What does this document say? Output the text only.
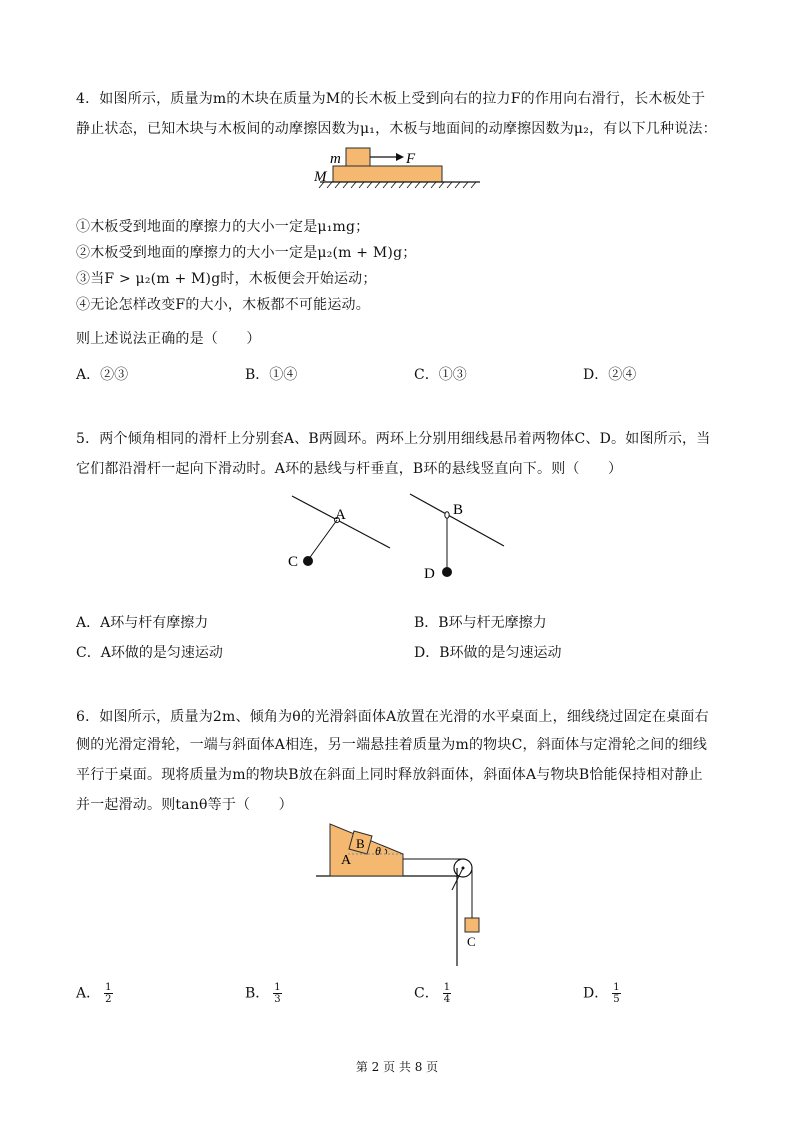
4．如图所示，质量为m的木块在质量为M的长木板上受到向右的拉力F的作用向右滑行，长木板处于
静止状态，已知木块与木板间的动摩擦因数为μ₁，木板与地面间的动摩擦因数为μ₂，有以下几种说法：
m
M
F
①木板受到地面的摩擦力的大小一定是μ₁mg；
②木板受到地面的摩擦力的大小一定是μ₂(m + M)g；
③当F > μ₂(m + M)g时，木板便会开始运动；
④无论怎样改变F的大小，木板都不可能运动。
则上述说法正确的是（　　）
A．②③	B．①④	C．①③	D．②④
5．两个倾角相同的滑杆上分别套A、B两圆环。两环上分别用细线悬吊着两物体C、D。如图所示，当
它们都沿滑杆一起向下滑动时。A环的悬线与杆垂直，B环的悬线竖直向下。则（　　）
A
C
B
D
A．A环与杆有摩擦力	B．B环与杆无摩擦力
C．A环做的是匀速运动	D．B环做的是匀速运动
6．如图所示，质量为2m、倾角为θ的光滑斜面体A放置在光滑的水平桌面上，细线绕过固定在桌面右
侧的光滑定滑轮，一端与斜面体A相连，另一端悬挂着质量为m的物块C，斜面体与定滑轮之间的细线
平行于桌面。现将质量为m的物块B放在斜面上同时释放斜面体，斜面体A与物块B恰能保持相对静止
并一起滑动。则tanθ等于（　　）
A
B θ
C
A． $\frac{1}{2}$	B． $\frac{1}{3}$	C． $\frac{1}{4}$	D． $\frac{1}{5}$
第 2 页 共 8 页
